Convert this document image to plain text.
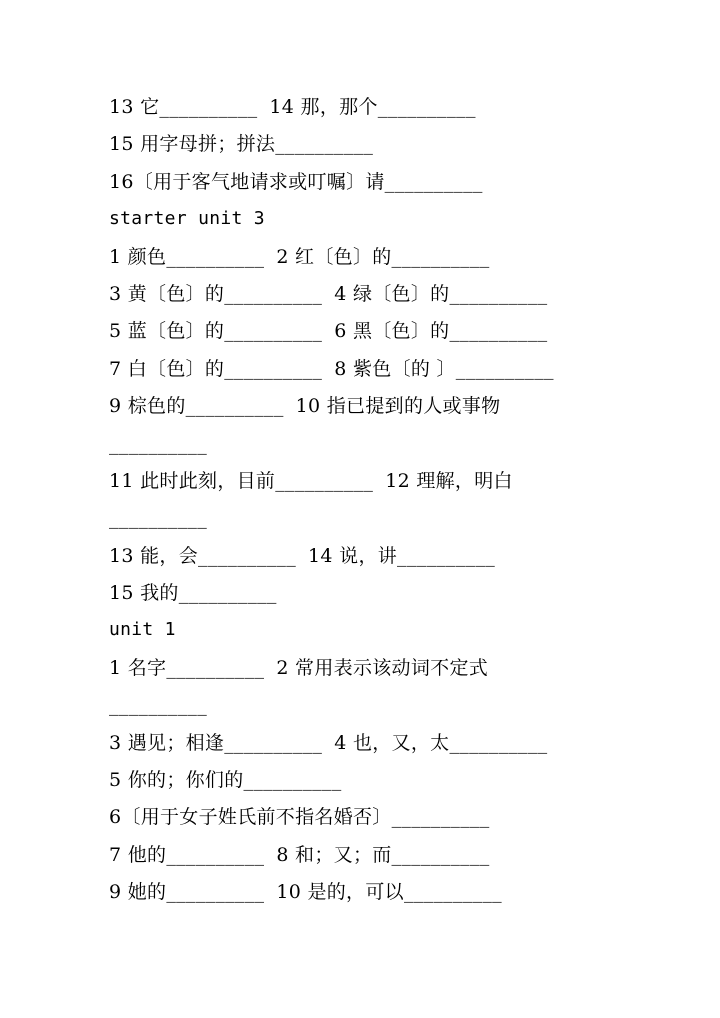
13 它__________ 14 那，那个__________
15 用字母拼；拼法__________
16〔用于客气地请求或叮嘱〕请__________
starter unit 3
1 颜色__________ 2 红〔色〕的__________
3 黄〔色〕的__________ 4 绿〔色〕的__________
5 蓝〔色〕的__________ 6 黑〔色〕的__________
7 白〔色〕的__________ 8 紫色〔的 〕__________
9 棕色的__________ 10 指已提到的人或事物
__________
11 此时此刻，目前__________ 12 理解，明白
__________
13 能，会__________ 14 说，讲__________
15 我的__________
unit 1
1 名字__________ 2 常用表示该动词不定式
__________
3 遇见；相逢__________ 4 也，又，太__________
5 你的；你们的__________
6〔用于女子姓氏前不指名婚否〕__________
7 他的__________ 8 和；又；而__________
9 她的__________ 10 是的，可以__________
